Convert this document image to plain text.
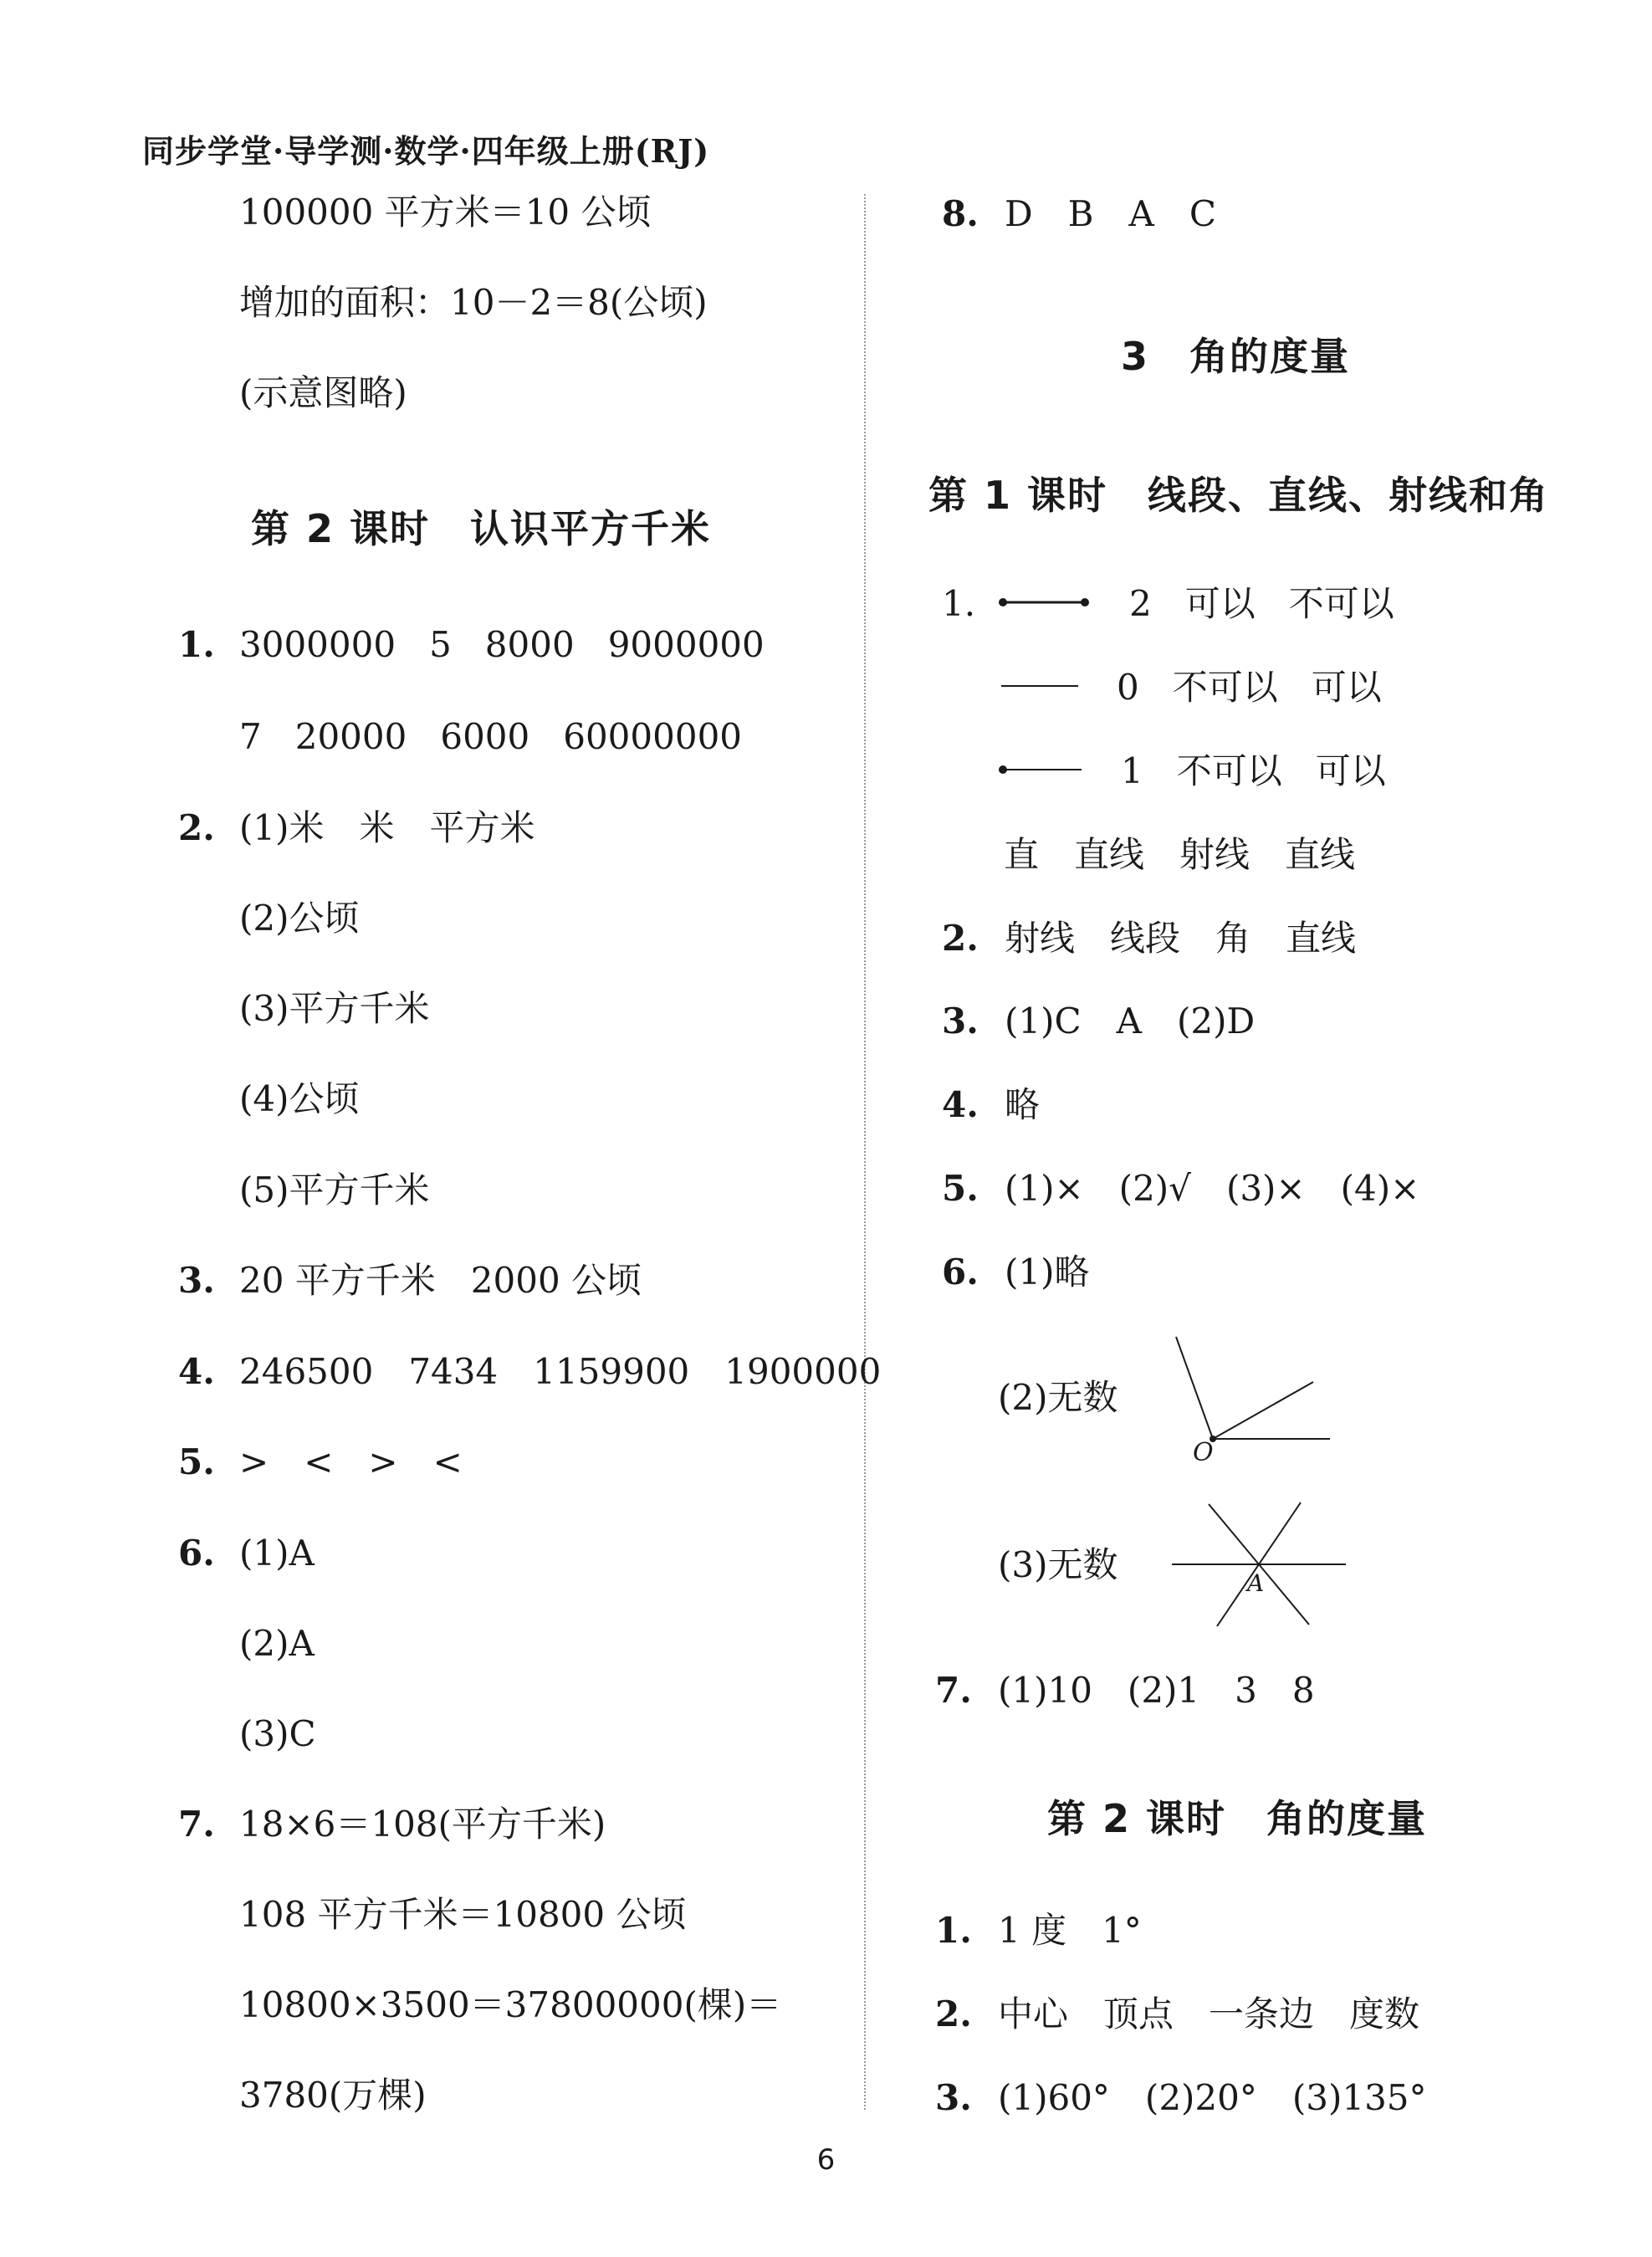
同步学堂·导学测·数学·四年级上册(RJ)
100000 平方米＝10 公顷
增加的面积：10－2＝8(公顷)
(示意图略)
第 2 课时　认识平方千米
1. 3000000 5 8000 9000000
7 20000 6000 60000000
2. (1)米　米　平方米
(2)公顷
(3)平方千米
(4)公顷
(5)平方千米
3. 20 平方千米　2000 公顷
4. 246500　7434　1159900　1900000
5. >　<　>　<
6. (1)A
(2)A
(3)C
7. 18×6＝108(平方千米)
108 平方千米＝10800 公顷
10800×3500＝37800000(棵)＝
3780(万棵)
8. D　B　A　C
3　角的度量
第 1 课时　线段、直线、射线和角
1.	2 可以 不可以
0 不可以 可以
1 不可以 可以
直　直线　射线　直线
2. 射线　线段　角　直线
3. (1)C　A　(2)D
4. 略
5. (1)×　(2)√　(3)×　(4)×
6. (1)略
(2)无数
O
(3)无数	A
7. (1)10　(2)1　3　8
第 2 课时　角的度量
1. 1 度　1°
2. 中心　顶点　一条边　度数
3. (1)60°　(2)20°　(3)135°
6
